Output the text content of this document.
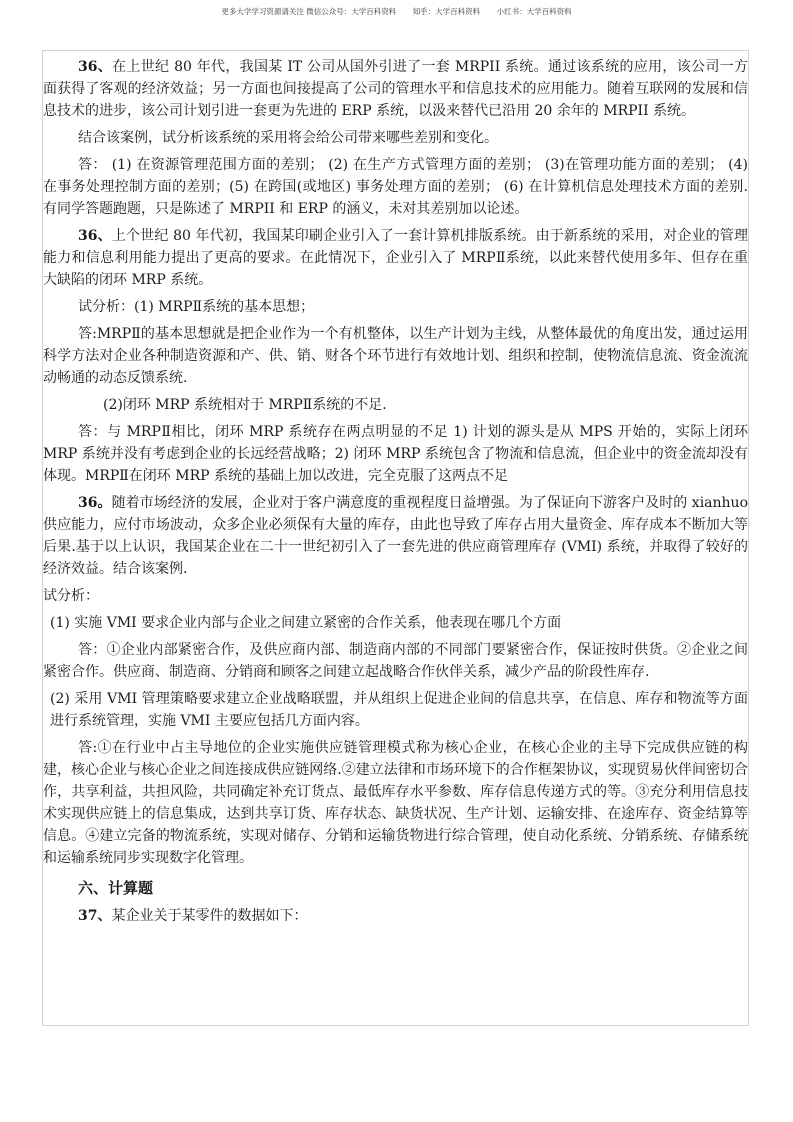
更多大学学习资源请关注 微信公众号：大学百科资料 知乎：大学百科资料 小红书：大学百科资料

36、在上世纪 80 年代，我国某 IT 公司从国外引进了一套 MRPII 系统。通过该系统的应用，该公司一方面获得了客观的经济效益；另一方面也间接提高了公司的管理水平和信息技术的应用能力。随着互联网的发展和信息技术的进步，该公司计划引进一套更为先进的 ERP 系统，以汲来替代已沿用 20 余年的 MRPII 系统。

结合该案例，试分析该系统的采用将会给公司带来哪些差别和变化。

答： (1) 在资源管理范围方面的差别； (2) 在生产方式管理方面的差别； (3)在管理功能方面的差别； (4) 在事务处理控制方面的差别；(5) 在跨国(或地区) 事务处理方面的差别； (6) 在计算机信息处理技术方面的差别. 有同学答题跑题，只是陈述了 MRPII 和 ERP 的涵义，未对其差别加以论述。

36、上个世纪 80 年代初，我国某印刷企业引入了一套计算机排版系统。由于新系统的采用，对企业的管理能力和信息利用能力提出了更高的要求。在此情况下，企业引入了 MRPⅡ系统，以此来替代使用多年、但存在重大缺陷的闭环 MRP 系统。

试分析：(1) MRPⅡ系统的基本思想；

答:MRPⅡ的基本思想就是把企业作为一个有机整体，以生产计划为主线，从整体最优的角度出发，通过运用科学方法对企业各种制造资源和产、供、销、财各个环节进行有效地计划、组织和控制，使物流信息流、资金流流动畅通的动态反馈系统.

(2)闭环 MRP 系统相对于 MRPⅡ系统的不足.

答：与 MRPⅡ相比，闭环 MRP 系统存在两点明显的不足 1) 计划的源头是从 MPS 开始的，实际上闭环 MRP 系统并没有考虑到企业的长远经营战略；2) 闭环 MRP 系统包含了物流和信息流，但企业中的资金流却没有体现。MRPⅡ在闭环 MRP 系统的基础上加以改进，完全克服了这两点不足

36。随着市场经济的发展，企业对于客户满意度的重视程度日益增强。为了保证向下游客户及时的 xianhuo 供应能力，应付市场波动，众多企业必须保有大量的库存，由此也导致了库存占用大量资金、库存成本不断加大等后果.基于以上认识，我国某企业在二十一世纪初引入了一套先进的供应商管理库存 (VMI) 系统，并取得了较好的经济效益。结合该案例.

试分析：

(1) 实施 VMI 要求企业内部与企业之间建立紧密的合作关系，他表现在哪几个方面

答：①企业内部紧密合作，及供应商内部、制造商内部的不同部门要紧密合作，保证按时供货。②企业之间紧密合作。供应商、制造商、分销商和顾客之间建立起战略合作伙伴关系，减少产品的阶段性库存.

(2) 采用 VMI 管理策略要求建立企业战略联盟，并从组织上促进企业间的信息共享，在信息、库存和物流等方面进行系统管理，实施 VMI 主要应包括几方面内容。

答:①在行业中占主导地位的企业实施供应链管理模式称为核心企业，在核心企业的主导下完成供应链的构建，核心企业与核心企业之间连接成供应链网络.②建立法律和市场环境下的合作框架协议，实现贸易伙伴间密切合作，共享利益，共担风险，共同确定补充订货点、最低库存水平参数、库存信息传递方式的等。③充分利用信息技术实现供应链上的信息集成，达到共享订货、库存状态、缺货状况、生产计划、运输安排、在途库存、资金结算等信息。④建立完备的物流系统，实现对储存、分销和运输货物进行综合管理，使自动化系统、分销系统、存储系统和运输系统同步实现数字化管理。

六、计算题

37、某企业关于某零件的数据如下：
